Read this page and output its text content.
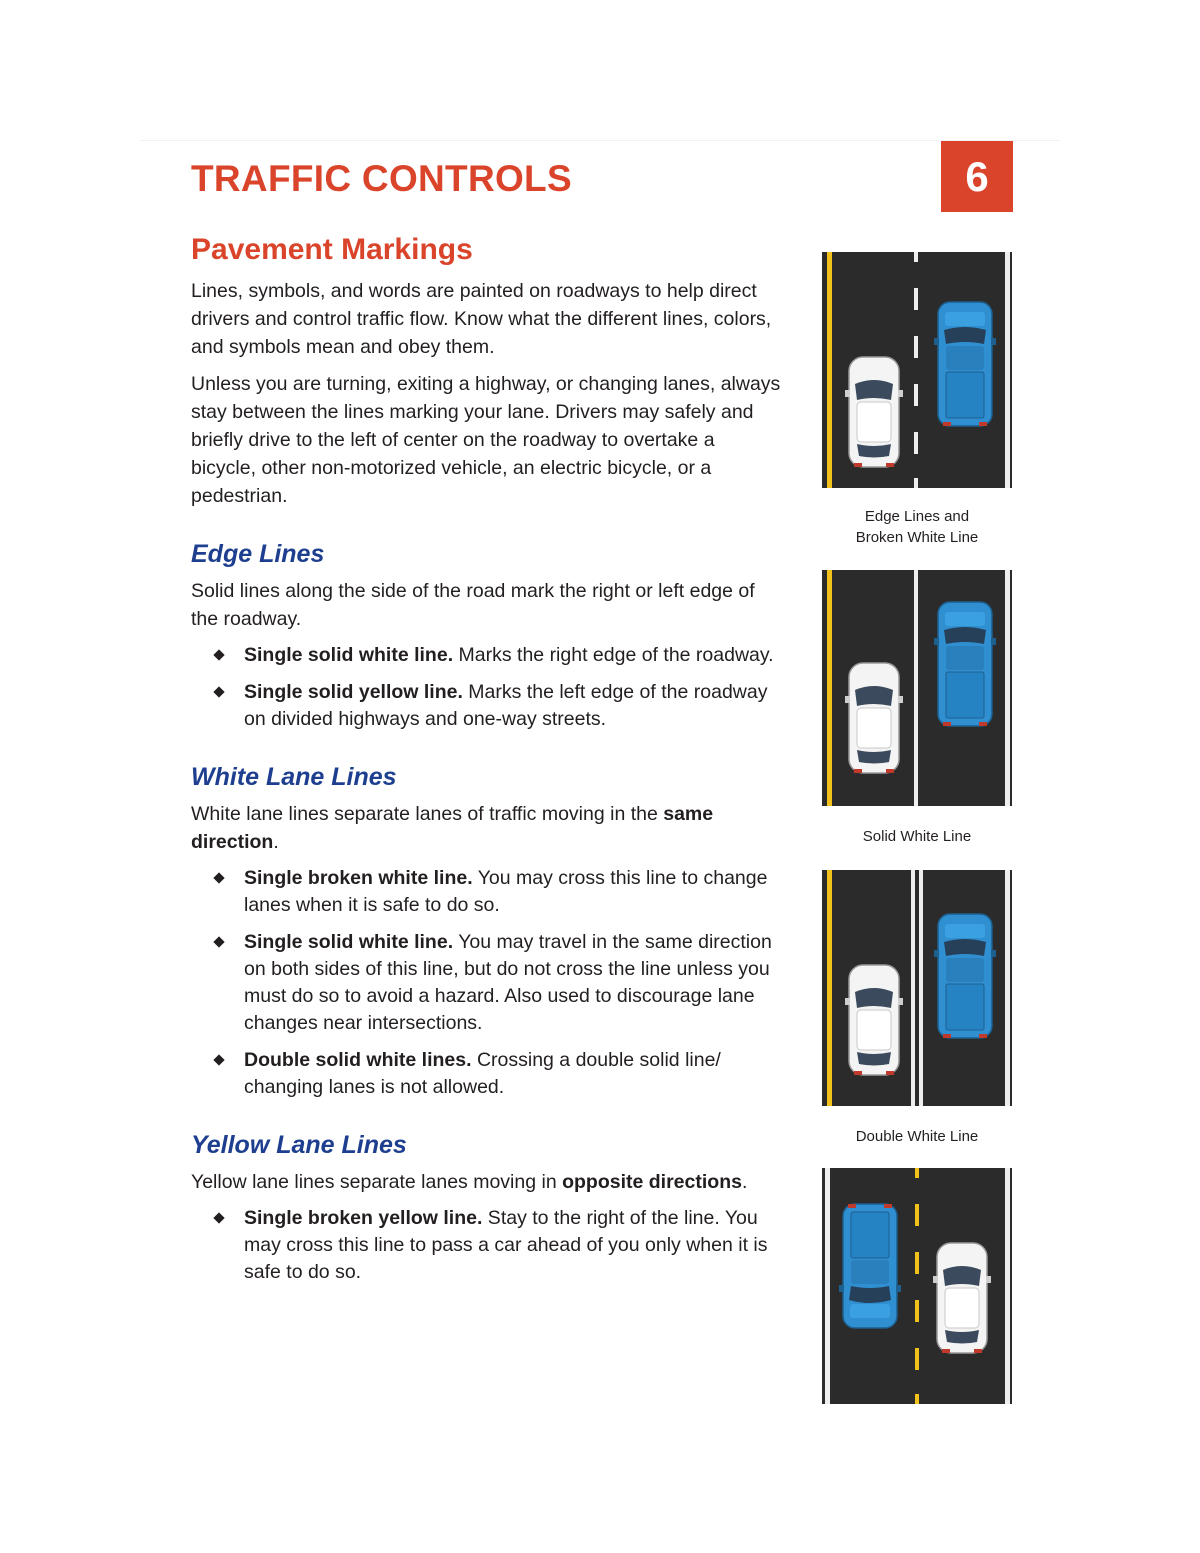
TRAFFIC CONTROLS	6
Pavement Markings

Lines, symbols, and words are painted on roadways to help direct drivers and control traffic flow. Know what the different lines, colors, and symbols mean and obey them.

Unless you are turning, exiting a highway, or changing lanes, always stay between the lines marking your lane. Drivers may safely and briefly drive to the left of center on the roadway to overtake a bicycle, other non-motorized vehicle, an electric bicycle, or a pedestrian.

Edge Lines

Solid lines along the side of the road mark the right or left edge of the roadway.

Single solid white line. Marks the right edge of the roadway.
Single solid yellow line. Marks the left edge of the roadway on divided highways and one-way streets.
White Lane Lines

White lane lines separate lanes of traffic moving in the same direction.

Single broken white line. You may cross this line to change lanes when it is safe to do so.
Single solid white line. You may travel in the same direction on both sides of this line, but do not cross the line unless you must do so to avoid a hazard. Also used to discourage lane changes near intersections.
Double solid white lines. Crossing a double solid line/ changing lanes is not allowed.
Yellow Lane Lines

Yellow lane lines separate lanes moving in opposite directions.

Single broken yellow line. Stay to the right of the line. You may cross this line to pass a car ahead of you only when it is safe to do so.
Edge Lines and
Broken White Line
Solid White Line
Double White Line
